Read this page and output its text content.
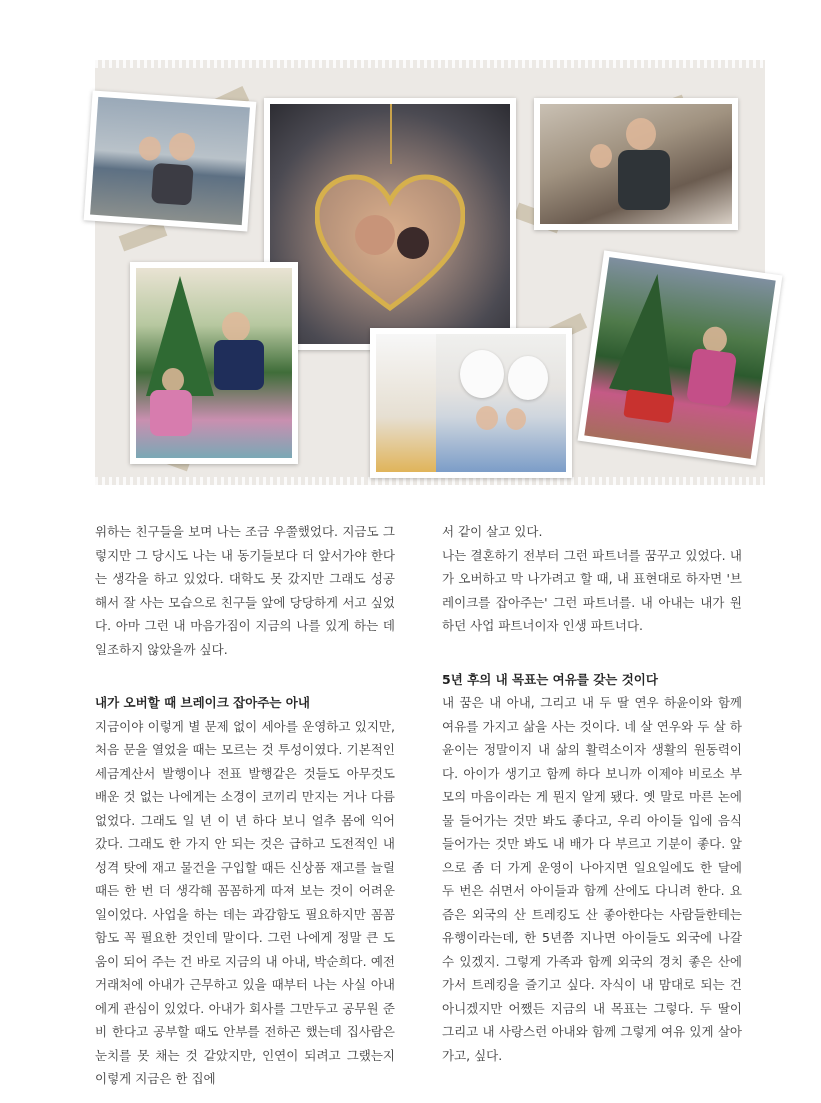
위하는 친구들을 보며 나는 조금 우쭐했었다. 지금도 그렇지만 그 당시도 나는 내 동기들보다 더 앞서가야 한다는 생각을 하고 있었다. 대학도 못 갔지만 그래도 성공해서 잘 사는 모습으로 친구들 앞에 당당하게 서고 싶었다. 아마 그런 내 마음가짐이 지금의 나를 있게 하는 데 일조하지 않았을까 싶다.

내가 오버할 때 브레이크 잡아주는 아내

지금이야 이렇게 별 문제 없이 세아를 운영하고 있지만, 처음 문을 열었을 때는 모르는 것 투성이였다. 기본적인 세금계산서 발행이나 전표 발행같은 것들도 아무것도 배운 것 없는 나에게는 소경이 코끼리 만지는 거나 다름없었다. 그래도 일 년 이 년 하다 보니 얼추 몸에 익어 갔다. 그래도 한 가지 안 되는 것은 급하고 도전적인 내 성격 탓에 재고 물건을 구입할 때든 신상품 재고를 늘릴 때든 한 번 더 생각해 꼼꼼하게 따져 보는 것이 어려운 일이었다. 사업을 하는 데는 과감함도 필요하지만 꼼꼼함도 꼭 필요한 것인데 말이다. 그런 나에게 정말 큰 도움이 되어 주는 건 바로 지금의 내 아내, 박순희다. 예전 거래처에 아내가 근무하고 있을 때부터 나는 사실 아내에게 관심이 있었다. 아내가 회사를 그만두고 공무원 준비 한다고 공부할 때도 안부를 전하곤 했는데 집사람은 눈치를 못 채는 것 같았지만, 인연이 되려고 그랬는지 이렇게 지금은 한 집에

서 같이 살고 있다.

나는 결혼하기 전부터 그런 파트너를 꿈꾸고 있었다. 내가 오버하고 막 나가려고 할 때, 내 표현대로 하자면 '브레이크를 잡아주는' 그런 파트너를. 내 아내는 내가 원하던 사업 파트너이자 인생 파트너다.

5년 후의 내 목표는 여유를 갖는 것이다

내 꿈은 내 아내, 그리고 내 두 딸 연우 하윤이와 함께 여유를 가지고 삶을 사는 것이다. 네 살 연우와 두 살 하윤이는 정말이지 내 삶의 활력소이자 생활의 원동력이다. 아이가 생기고 함께 하다 보니까 이제야 비로소 부모의 마음이라는 게 뭔지 알게 됐다. 옛 말로 마른 논에 물 들어가는 것만 봐도 좋다고, 우리 아이들 입에 음식 들어가는 것만 봐도 내 배가 다 부르고 기분이 좋다. 앞으로 좀 더 가게 운영이 나아지면 일요일에도 한 달에 두 번은 쉬면서 아이들과 함께 산에도 다니려 한다. 요즘은 외국의 산 트레킹도 산 좋아한다는 사람들한테는 유행이라는데, 한 5년쯤 지나면 아이들도 외국에 나갈 수 있겠지. 그렇게 가족과 함께 외국의 경치 좋은 산에 가서 트레킹을 즐기고 싶다. 자식이 내 맘대로 되는 건 아니겠지만 어쨌든 지금의 내 목표는 그렇다. 두 딸이 그리고 내 사랑스런 아내와 함께 그렇게 여유 있게 살아가고, 싶다.
